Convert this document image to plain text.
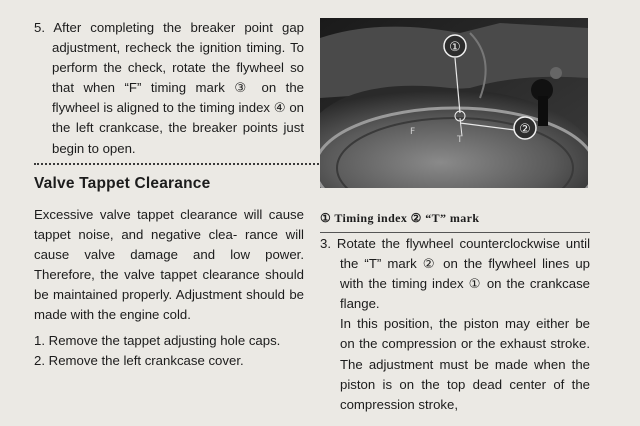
5. After completing the breaker point gap adjustment, recheck the ignition timing. To perform the check, rotate the flywheel so that when “F” timing mark ③ on the flywheel is aligned to the timing index ④ on the left crankcase, the breaker points just begin to open.
Valve Tappet Clearance
Excessive valve tappet clearance will cause tappet noise, and negative clea- rance will cause valve damage and low power. Therefore, the valve tappet clearance should be maintained properly. Adjustment should be made with the engine cold.
1. Remove the tappet adjusting hole caps.
2. Remove the left crankcase cover.
①
②
F
T
① Timing index ② “T” mark
3. Rotate the flywheel counterclockwise until the “T” mark ② on the flywheel lines up with the timing index ① on the crankcase flange.
In this position, the piston may either be on the compression or the exhaust stroke. The adjustment must be made when the piston is on the top dead center of the compression stroke,
